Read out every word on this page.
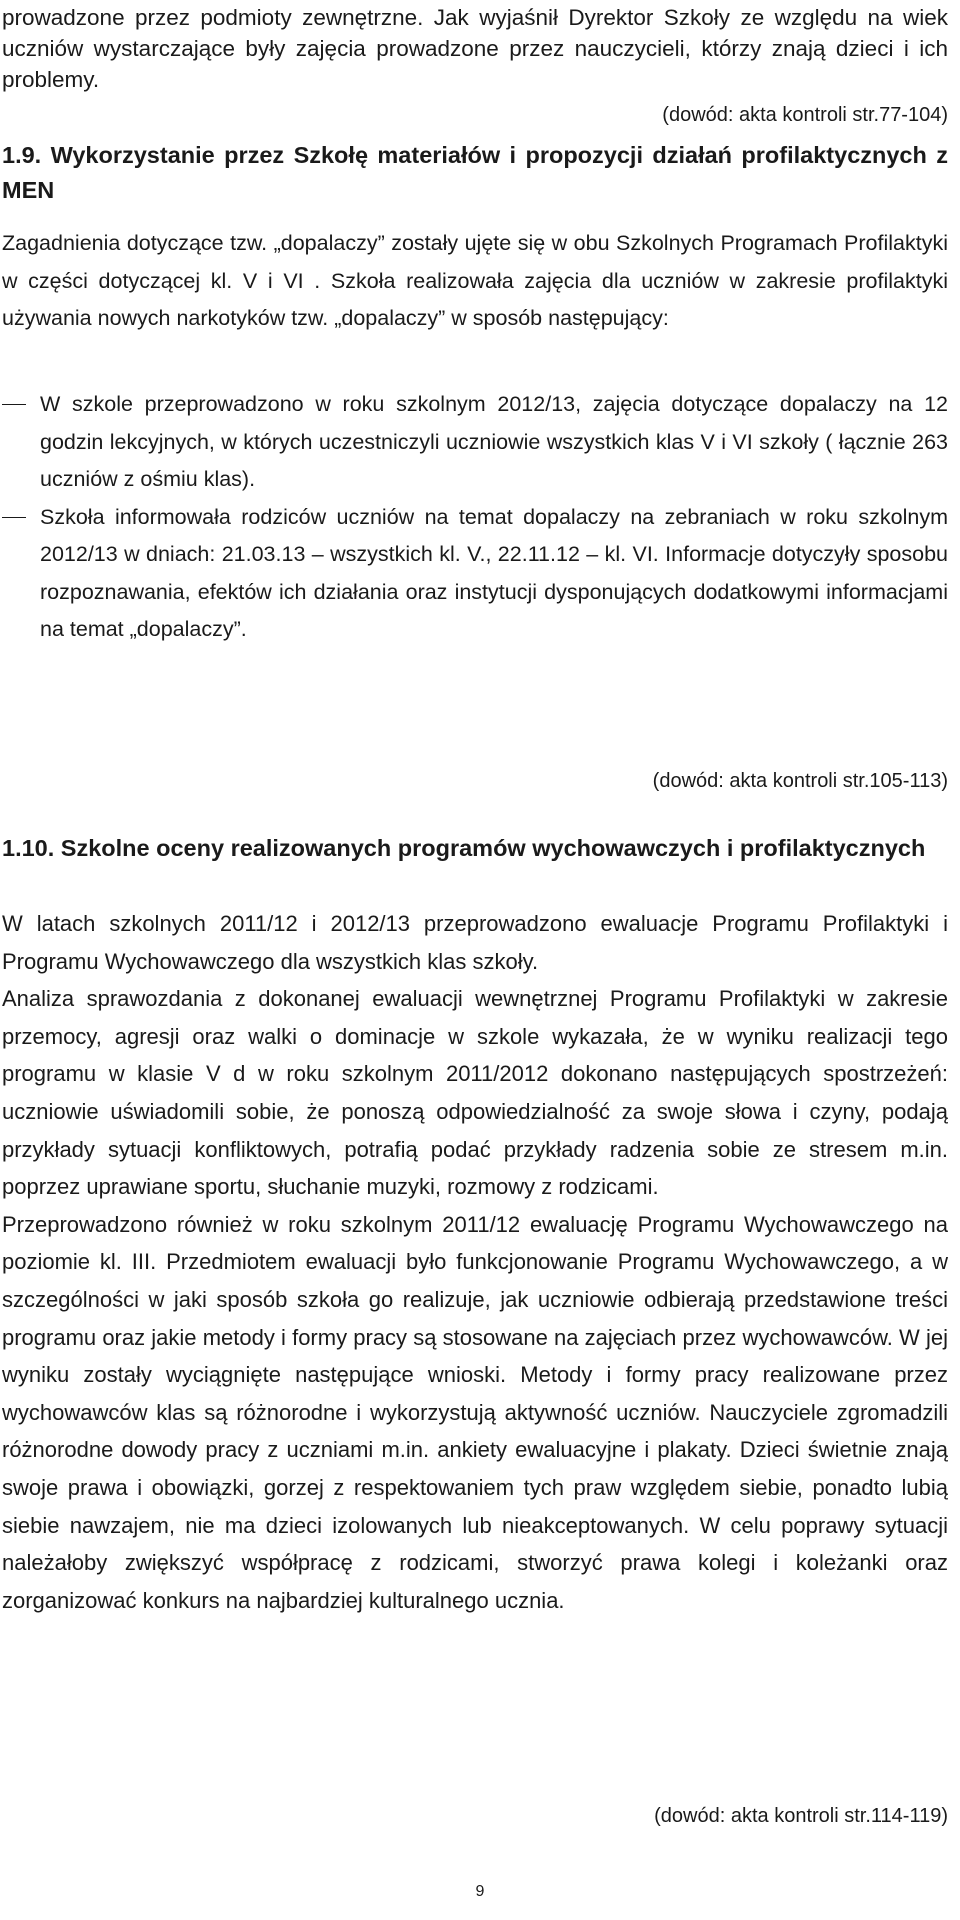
prowadzone przez podmioty zewnętrzne. Jak wyjaśnił Dyrektor Szkoły ze względu na wiek uczniów wystarczające były zajęcia prowadzone przez nauczycieli, którzy znają dzieci i ich problemy.

(dowód: akta kontroli str.77-104)

1.9. Wykorzystanie przez Szkołę materiałów i propozycji działań profilaktycznych z MEN

Zagadnienia dotyczące tzw. „dopalaczy” zostały ujęte się w obu Szkolnych Programach Profilaktyki w części dotyczącej kl. V i VI . Szkoła realizowała zajęcia dla uczniów w zakresie profilaktyki używania nowych narkotyków tzw. „dopalaczy” w sposób następujący:

W szkole przeprowadzono w roku szkolnym 2012/13, zajęcia dotyczące dopalaczy na 12 godzin lekcyjnych, w których uczestniczyli uczniowie wszystkich klas V i VI szkoły ( łącznie 263 uczniów z ośmiu klas).

Szkoła informowała rodziców uczniów na temat dopalaczy na zebraniach w roku szkolnym 2012/13 w dniach: 21.03.13 – wszystkich kl. V., 22.11.12 – kl. VI. Informacje dotyczyły sposobu rozpoznawania, efektów ich działania oraz instytucji dysponujących dodatkowymi informacjami na temat „dopalaczy”.

(dowód: akta kontroli str.105-113)

1.10. Szkolne oceny realizowanych programów wychowawczych i profilaktycznych

W latach szkolnych 2011/12 i 2012/13 przeprowadzono ewaluacje Programu Profilaktyki i Programu Wychowawczego dla wszystkich klas szkoły.

Analiza sprawozdania z dokonanej ewaluacji wewnętrznej Programu Profilaktyki w zakresie przemocy, agresji oraz walki o dominacje w szkole wykazała, że w wyniku realizacji tego programu w klasie V d w roku szkolnym 2011/2012 dokonano następujących spostrzeżeń: uczniowie uświadomili sobie, że ponoszą odpowiedzialność za swoje słowa i czyny, podają przykłady sytuacji konfliktowych, potrafią podać przykłady radzenia sobie ze stresem m.in. poprzez uprawiane sportu, słuchanie muzyki, rozmowy z rodzicami.

Przeprowadzono również w roku szkolnym 2011/12 ewaluację Programu Wychowawczego na poziomie kl. III. Przedmiotem ewaluacji było funkcjonowanie Programu Wychowawczego, a w szczególności w jaki sposób szkoła go realizuje, jak uczniowie odbierają przedstawione treści programu oraz jakie metody i formy pracy są stosowane na zajęciach przez wychowawców. W jej wyniku zostały wyciągnięte następujące wnioski. Metody i formy pracy realizowane przez wychowawców klas są różnorodne i wykorzystują aktywność uczniów. Nauczyciele zgromadzili różnorodne dowody pracy z uczniami m.in. ankiety ewaluacyjne i plakaty. Dzieci świetnie znają swoje prawa i obowiązki, gorzej z respektowaniem tych praw względem siebie, ponadto lubią siebie nawzajem, nie ma dzieci izolowanych lub nieakceptowanych. W celu poprawy sytuacji należałoby zwiększyć współpracę z rodzicami, stworzyć prawa kolegi i koleżanki oraz zorganizować konkurs na najbardziej kulturalnego ucznia.

(dowód: akta kontroli str.114-119)

9
